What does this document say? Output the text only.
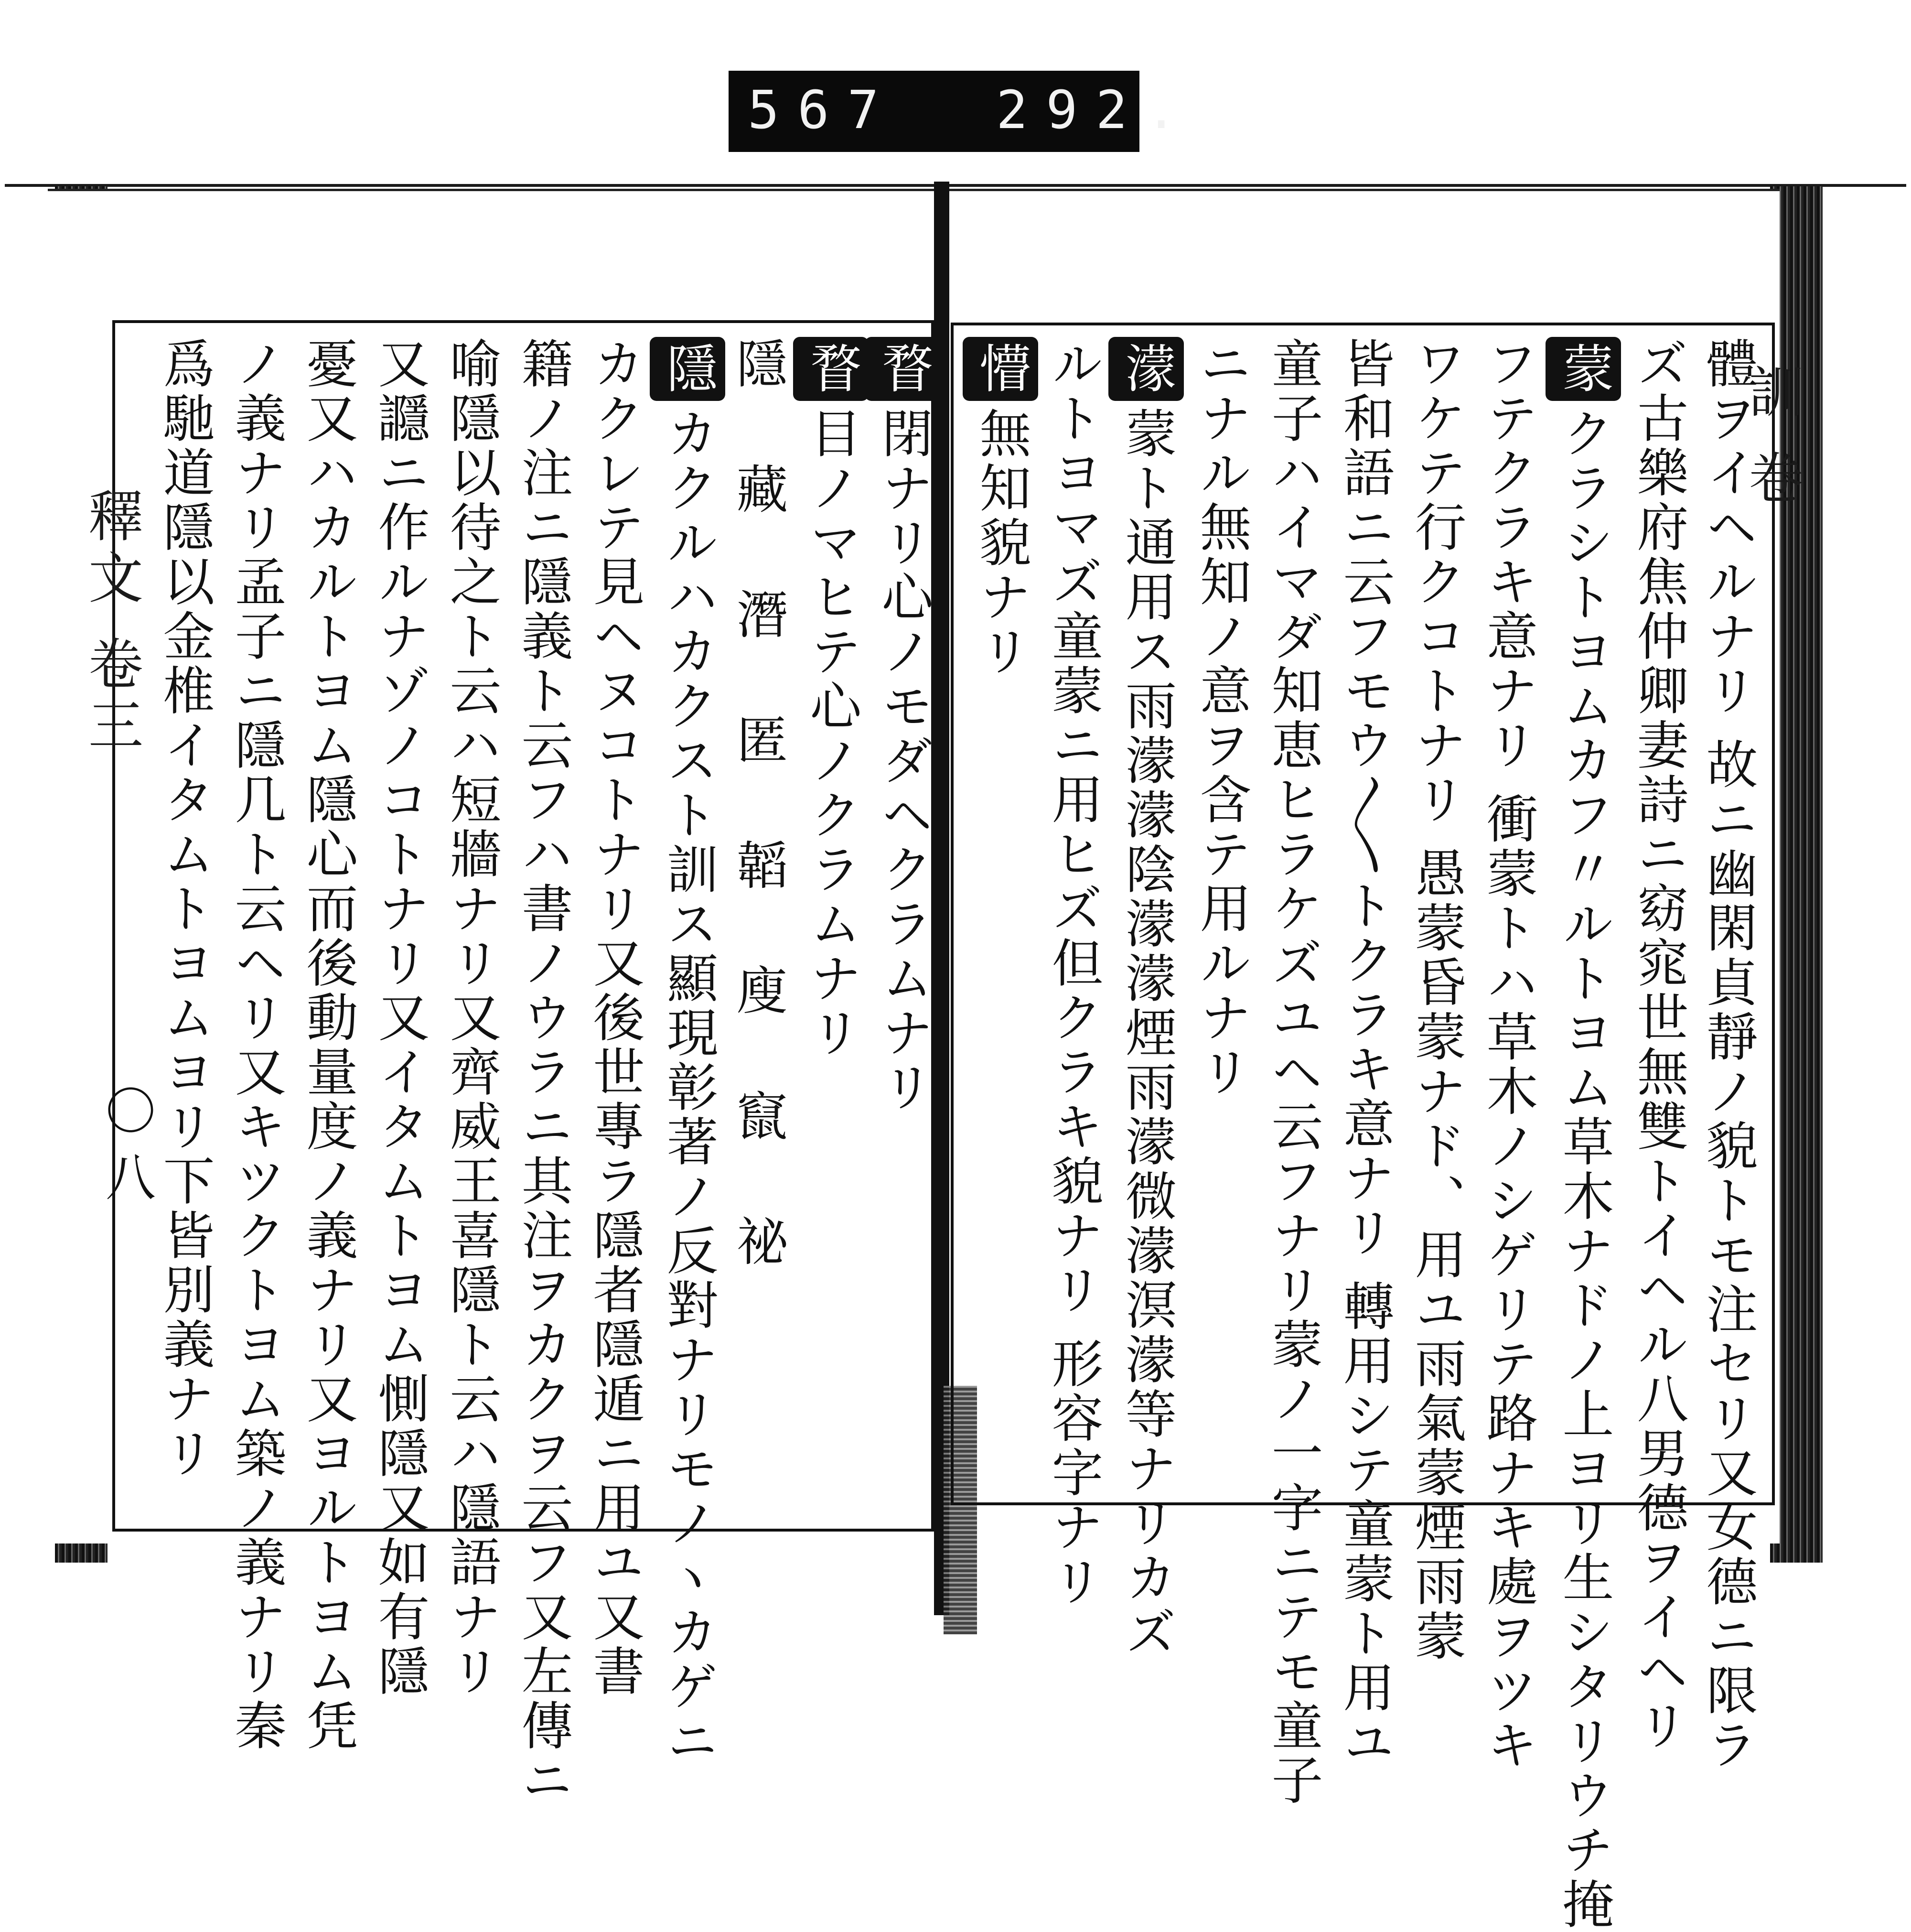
567 292.
釋文 卷三
訓 卷
〇 八	體ヲイヘルナリ 故ニ幽閑貞靜ノ貌トモ注セリ又女德ニ限ラ
ズ古樂府焦仲卿妻詩ニ窈窕世無雙トイヘル八男德ヲイヘリ
蒙クラシトヨムカフ〃ルトヨム草木ナドノ上ヨリ生シタリウチ掩
フテクラキ意ナリ 衝蒙トハ草木ノシゲリテ路ナキ處ヲツキ
ワケテ行クコトナリ 愚蒙昏蒙ナド、用ユ雨氣蒙煙雨蒙
皆和語ニ云フモウ〱トクラキ意ナリ 轉用シテ童蒙ト用ユ
童子ハイマダ知恵ヒラケズユヘ云フナリ蒙ノ一字ニテモ童子
ニナル無知ノ意ヲ含テ用ルナリ
濛蒙ト通用ス雨濛濛陰濛濛煙雨濛微濛溟濛等ナリカズ
ルトヨマズ童蒙ニ用ヒズ但クラキ貌ナリ 形容字ナリ
懵無知貌ナリ
瞀閉ナリ心ノモダヘクラムナリ
瞀目ノマヒテ心ノクラムナリ
隱 藏 潛 匿 韜 廋 竄 祕
隱カクルハカクスト訓ス顯現彰著ノ反對ナリモノヽカゲニ
カクレテ見ヘヌコトナリ又後世專ラ隱者隱遁ニ用ユ又書
籍ノ注ニ隱義ト云フハ書ノウラニ其注ヲカクヲ云フ又左傳ニ
喻隱以待之ト云ハ短牆ナリ又齊威王喜隱ト云ハ隱語ナリ
又讔ニ作ルナゾノコトナリ又イタムトヨム惻隱又如有隱
憂又ハカルトヨム隱心而後動量度ノ義ナリ又ヨルトヨム凭
ノ義ナリ孟子ニ隱几ト云ヘリ又キツクトヨム築ノ義ナリ秦
爲馳道隱以金椎イタムトヨムヨリ下皆別義ナリ
